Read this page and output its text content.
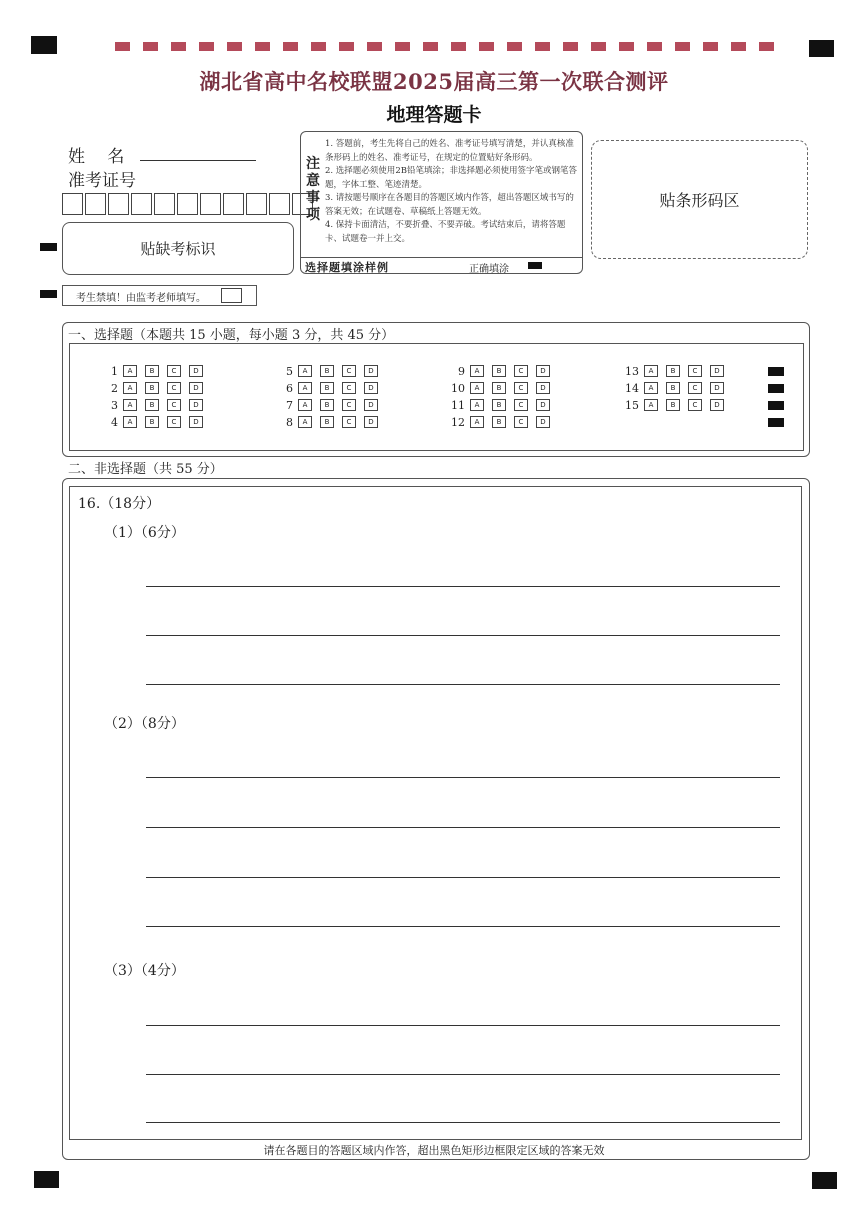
湖北省高中名校联盟2025届高三第一次联合测评
地理答题卡
姓　 名
准考证号
贴缺考标识
注意事项
1. 答题前，考生先将自己的姓名、准考证号填写清楚，并认真核准条形码上的姓名、准考证号，在规定的位置贴好条形码。
2. 选择题必须使用2B铅笔填涂；非选择题必须使用签字笔或钢笔答题，字体工整、笔迹清楚。
3. 请按题号顺序在各题目的答题区域内作答，超出答题区域书写的答案无效；在试题卷、草稿纸上答题无效。
4. 保持卡面清洁，不要折叠、不要弄破。考试结束后，请将答题卡、试题卷一并上交。
选择题填涂样例	正确填涂
贴条形码区
考生禁填！由监考老师填写。
一、选择题（本题共 15 小题，每小题 3 分，共 45 分）
1	A	B	C	D
2	A	B	C	D
3	A	B	C	D
4	A	B	C	D
5	A	B	C	D
6	A	B	C	D
7	A	B	C	D
8	A	B	C	D
9	A	B	C	D
10	A	B	C	D
11	A	B	C	D
12	A	B	C	D
13	A	B	C	D
14	A	B	C	D
15	A	B	C	D
二、非选择题（共 55 分）
16.（18分）
（1）（6分）
（2）（8分）
（3）（4分）
请在各题目的答题区域内作答，超出黑色矩形边框限定区域的答案无效
